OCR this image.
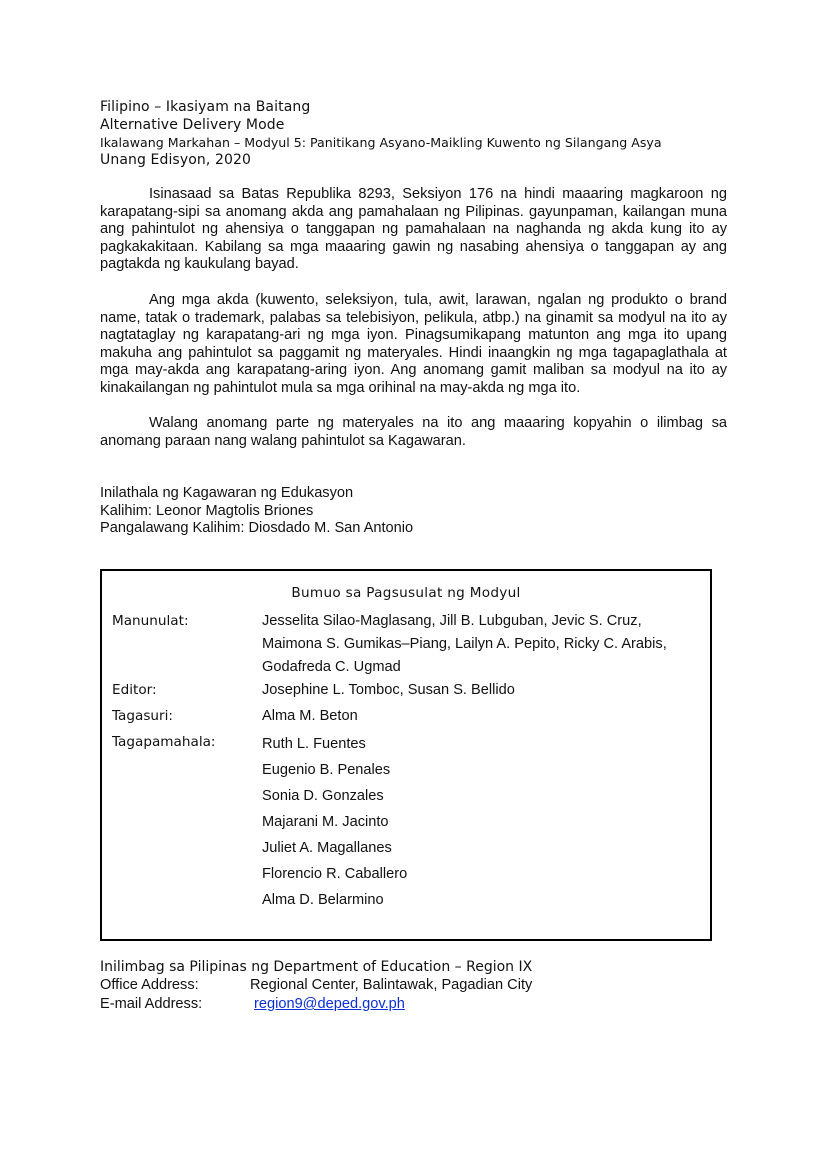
Filipino – Ikasiyam na Baitang
Alternative Delivery Mode
Ikalawang Markahan – Modyul 5: Panitikang Asyano-Maikling Kuwento ng Silangang Asya
Unang Edisyon, 2020

Isinasaad sa Batas Republika 8293, Seksiyon 176 na hindi maaaring magkaroon ng karapatang-sipi sa anomang akda ang pamahalaan ng Pilipinas. gayunpaman, kailangan muna ang pahintulot ng ahensiya o tanggapan ng pamahalaan na naghanda ng akda kung ito ay pagkakakitaan. Kabilang sa mga maaaring gawin ng nasabing ahensiya o tanggapan ay ang pagtakda ng kaukulang bayad.

Ang mga akda (kuwento, seleksiyon, tula, awit, larawan, ngalan ng produkto o brand name, tatak o trademark, palabas sa telebisiyon, pelikula, atbp.) na ginamit sa modyul na ito ay nagtataglay ng karapatang-ari ng mga iyon. Pinagsumikapang matunton ang mga ito upang makuha ang pahintulot sa paggamit ng materyales. Hindi inaangkin ng mga tagapaglathala at mga may-akda ang karapatang-aring iyon. Ang anomang gamit maliban sa modyul na ito ay kinakailangan ng pahintulot mula sa mga orihinal na may-akda ng mga ito.

Walang anomang parte ng materyales na ito ang maaaring kopyahin o ilimbag sa anomang paraan nang walang pahintulot sa Kagawaran.

Inilathala ng Kagawaran ng Edukasyon
Kalihim: Leonor Magtolis Briones
Pangalawang Kalihim: Diosdado M. San Antonio
Bumuo sa Pagsusulat ng Modyul
Manunulat:	Jesselita Silao-Maglasang, Jill B. Lubguban, Jevic S. Cruz,
Maimona S. Gumikas–Piang, Lailyn A. Pepito, Ricky C. Arabis,
Godafreda C. Ugmad
Editor:	Josephine L. Tomboc, Susan S. Bellido
Tagasuri:	Alma M. Beton
Tagapamahala:	Ruth L. Fuentes
Eugenio B. Penales
Sonia D. Gonzales
Majarani M. Jacinto
Juliet A. Magallanes
Florencio R. Caballero
Alma D. Belarmino
Inilimbag sa Pilipinas ng Department of Education – Region IX
Office Address:	Regional Center, Balintawak, Pagadian City
E-mail Address:	region9@deped.gov.ph
